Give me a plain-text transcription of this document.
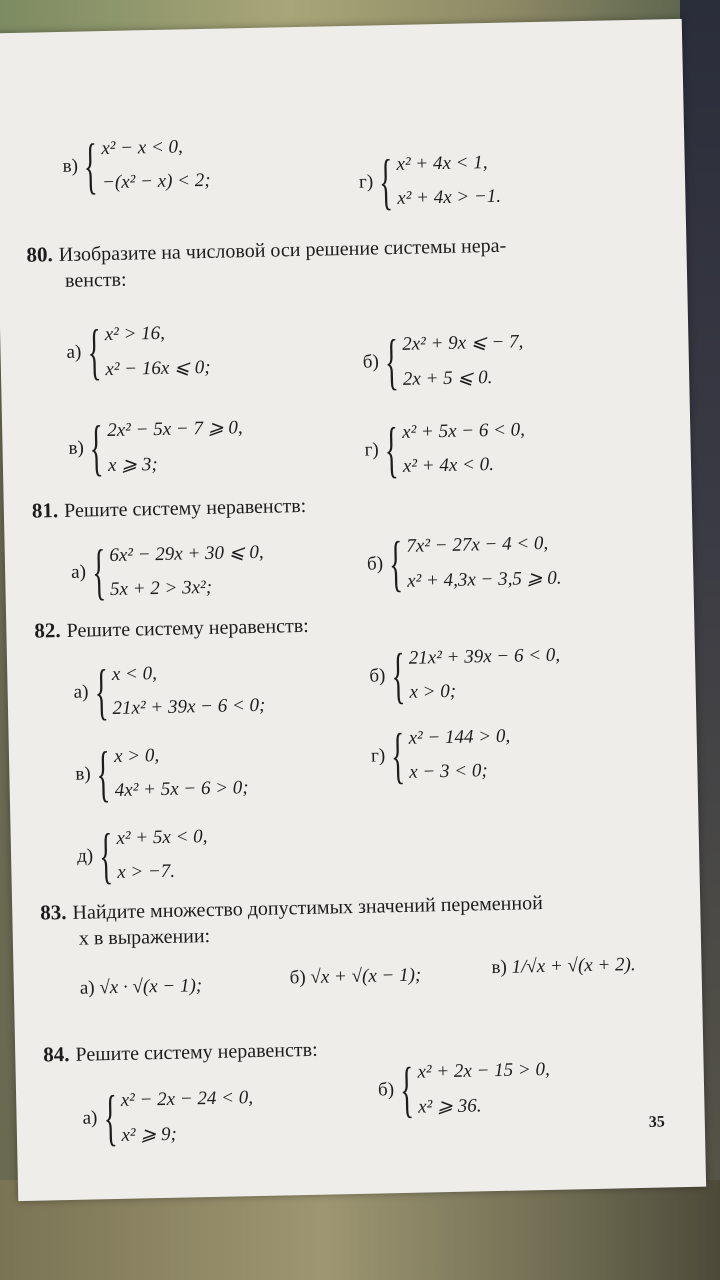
в) { x² − x < 0,
−(x² − x) < 2;	г) { x² + 4x < 1,
x² + 4x > −1.
80. Изобразите на числовой оси решение системы нера-
венств:
а) { x² > 16,
x² − 16x ⩽ 0;	б) { 2x² + 9x ⩽ − 7,
2x + 5 ⩽ 0.
в) { 2x² − 5x − 7 ⩾ 0,
x ⩾ 3;
г) { x² + 5x − 6 < 0,
x² + 4x < 0.
81. Решите систему неравенств:
а) { 6x² − 29x + 30 ⩽ 0,
5x + 2 > 3x²;
б) { 7x² − 27x − 4 < 0,
x² + 4,3x − 3,5 ⩾ 0.
82. Решите систему неравенств:
а) { x < 0,
21x² + 39x − 6 < 0;
б) { 21x² + 39x − 6 < 0,
x > 0;
в) { x > 0,
4x² + 5x − 6 > 0;
г) { x² − 144 > 0,
x − 3 < 0;
д) { x² + 5x < 0,
x > −7.
83. Найдите множество допустимых значений переменной
x в выражении:
а) √x · √(x − 1);	б) √x + √(x − 1);	в) 1/√x + √(x + 2).
84. Решите систему неравенств:
а) { x² − 2x − 24 < 0,
x² ⩾ 9;
б) { x² + 2x − 15 > 0,
x² ⩾ 36.
35
